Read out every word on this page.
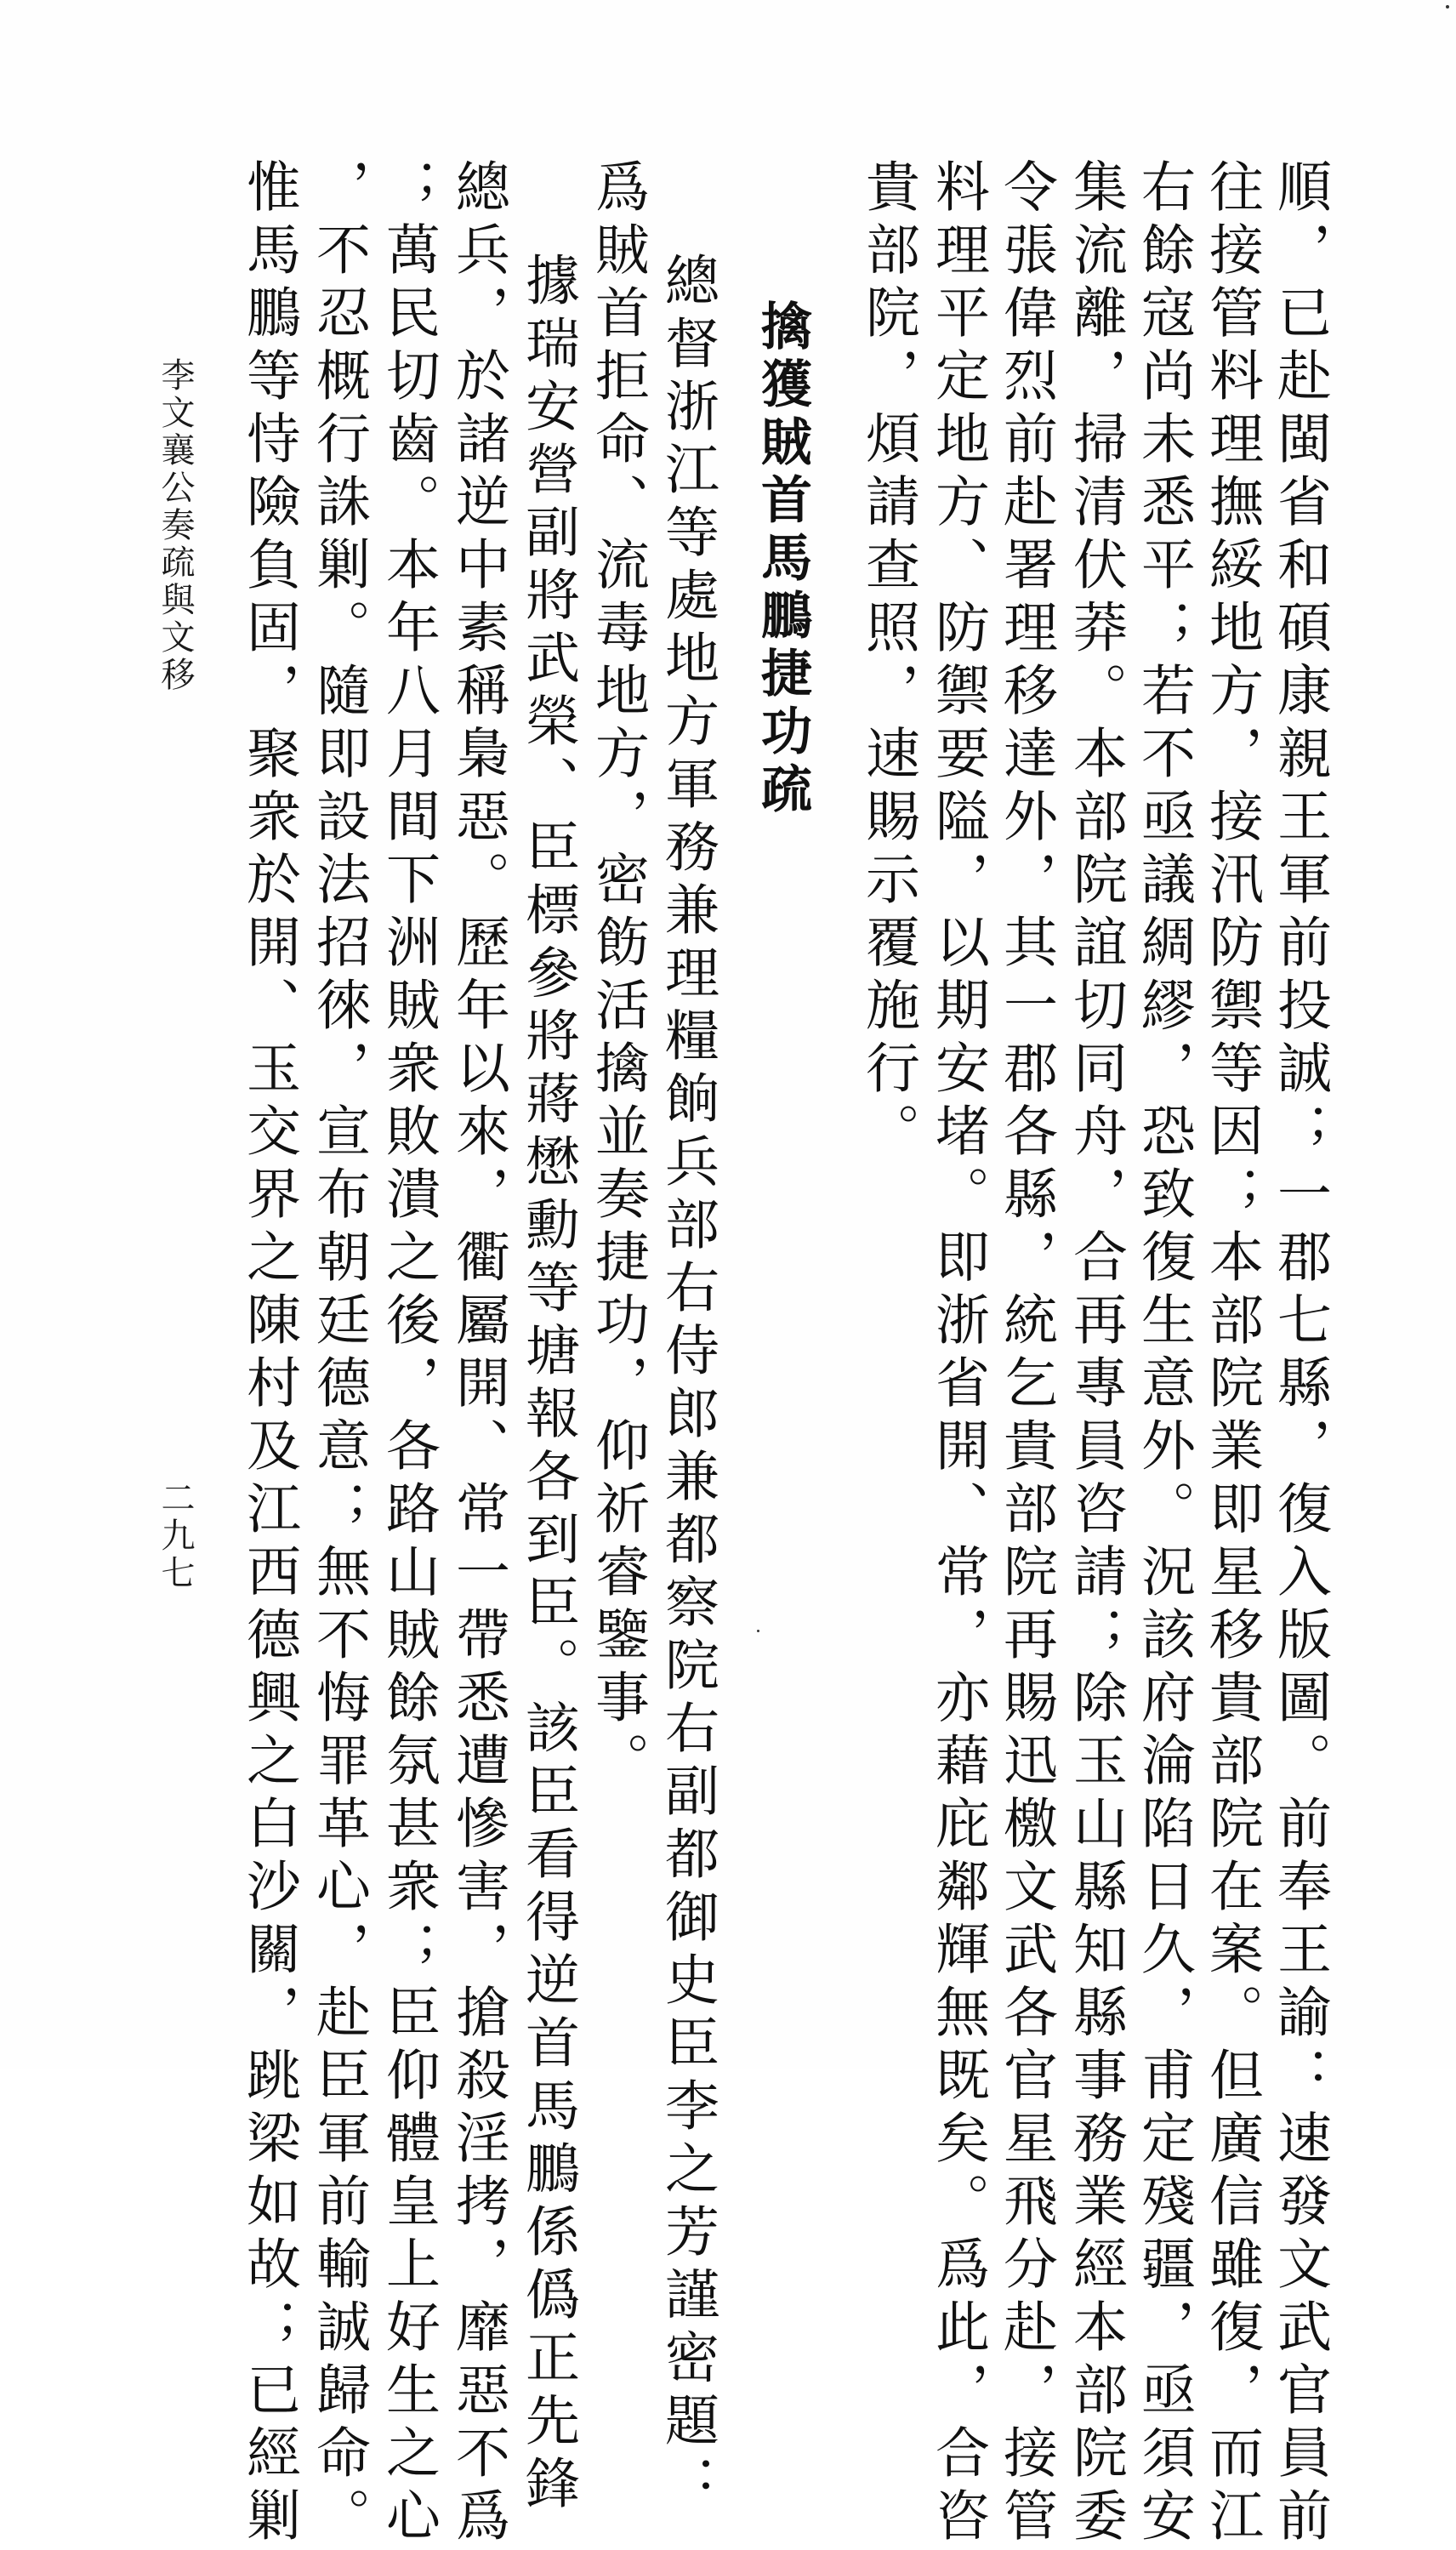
順，已赴閩省和碩康親王軍前投誠；一郡七縣，復入版圖。前奉王諭：速發文武官員前
往接管料理撫綏地方，接汛防禦等因；本部院業即星移貴部院在案。但廣信雖復，而江
右餘寇尚未悉平；若不亟議綢繆，恐致復生意外。況該府淪陷日久，甫定殘疆，亟須安
集流離，掃清伏莽。本部院誼切同舟，合再專員咨請；除玉山縣知縣事務業經本部院委
令張偉烈前赴署理移達外，其一郡各縣，統乞貴部院再賜迅檄文武各官星飛分赴，接管
料理平定地方、防禦要隘，以期安堵。即浙省開、常，亦藉庇鄰輝無既矣。爲此，合咨
貴部院，煩請查照，速賜示覆施行。
擒獲賊首馬鵬捷功疏
總督浙江等處地方軍務兼理糧餉兵部右侍郎兼都察院右副都御史臣李之芳謹密題：
爲賊首拒命、流毒地方，密飭活擒並奏捷功，仰祈睿鑒事。
據瑞安營副將武榮、臣標參將蔣懋勳等塘報各到臣。該臣看得逆首馬鵬係僞正先鋒
總兵，於諸逆中素稱梟惡。歷年以來，衢屬開、常一帶悉遭慘害，搶殺淫拷，靡惡不爲
；萬民切齒。本年八月間下洲賊衆敗潰之後，各路山賊餘氛甚衆；臣仰體皇上好生之心
，不忍概行誅剿。隨即設法招徠，宣布朝廷德意；無不悔罪革心，赴臣軍前輸誠歸命。
惟馬鵬等恃險負固，聚衆於開、玉交界之陳村及江西德興之白沙關，跳梁如故；已經剿
李文襄公奏疏與文移
二九七
